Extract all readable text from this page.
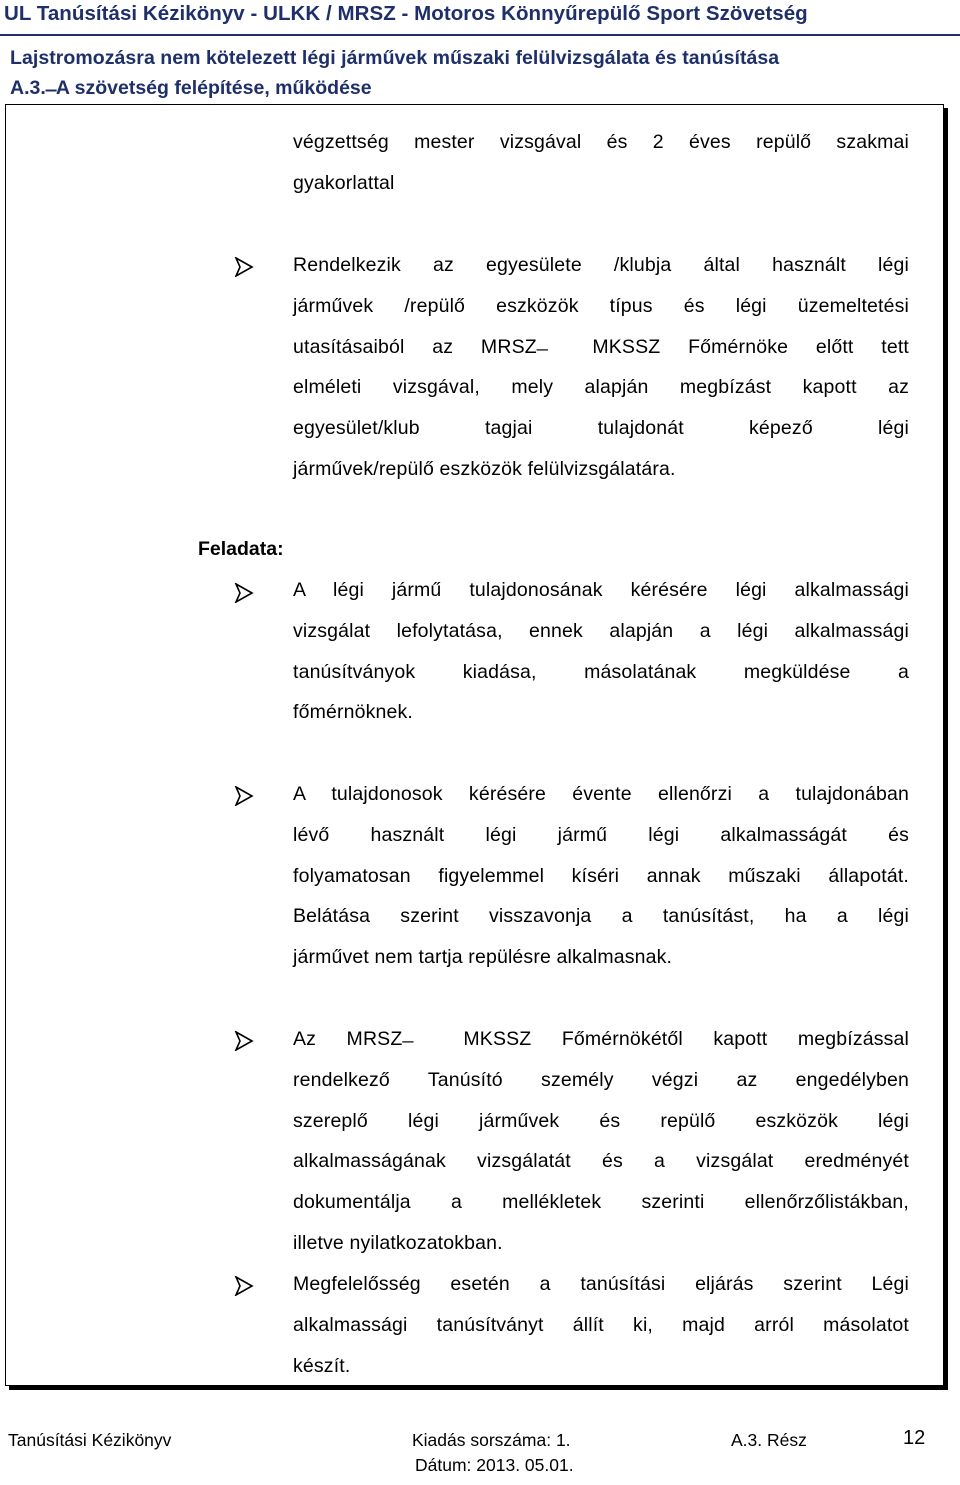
UL Tanúsítási Kézikönyv - ULKK / MRSZ - Motoros Könnyűrepülő Sport Szövetség
Lajstromozásra nem kötelezett légi járművek műszaki felülvizsgálata és tanúsítása
A.3. ̶ A szövetség felépítése, működése
végzettség mester vizsgával és 2 éves repülő szakmai
gyakorlattal
Rendelkezik az egyesülete /klubja által használt légi
járművek /repülő eszközök típus és légi üzemeltetési
utasításaiból az MRSZ ̶ MKSSZ Főmérnöke előtt tett
elméleti vizsgával, mely alapján megbízást kapott az
egyesület/klub tagjai tulajdonát képező légi
járművek/repülő eszközök felülvizsgálatára.
Feladata:
A légi jármű tulajdonosának kérésére légi alkalmassági
vizsgálat lefolytatása, ennek alapján a légi alkalmassági
tanúsítványok kiadása, másolatának megküldése a
főmérnöknek.
A tulajdonosok kérésére évente ellenőrzi a tulajdonában
lévő használt légi jármű légi alkalmasságát és
folyamatosan figyelemmel kíséri annak műszaki állapotát.
Belátása szerint visszavonja a tanúsítást, ha a légi
járművet nem tartja repülésre alkalmasnak.
Az MRSZ ̶ MKSSZ Főmérnökétől kapott megbízással
rendelkező Tanúsító személy végzi az engedélyben
szereplő légi járművek és repülő eszközök légi
alkalmasságának vizsgálatát és a vizsgálat eredményét
dokumentálja a mellékletek szerinti ellenőrzőlistákban,
illetve nyilatkozatokban.
Megfelelősség esetén a tanúsítási eljárás szerint Légi
alkalmassági tanúsítványt állít ki, majd arról másolatot
készít.
Tanúsítási Kézikönyv	Kiadás sorszáma: 1.
Dátum: 2013. 05.01.
A.3. Rész	12
